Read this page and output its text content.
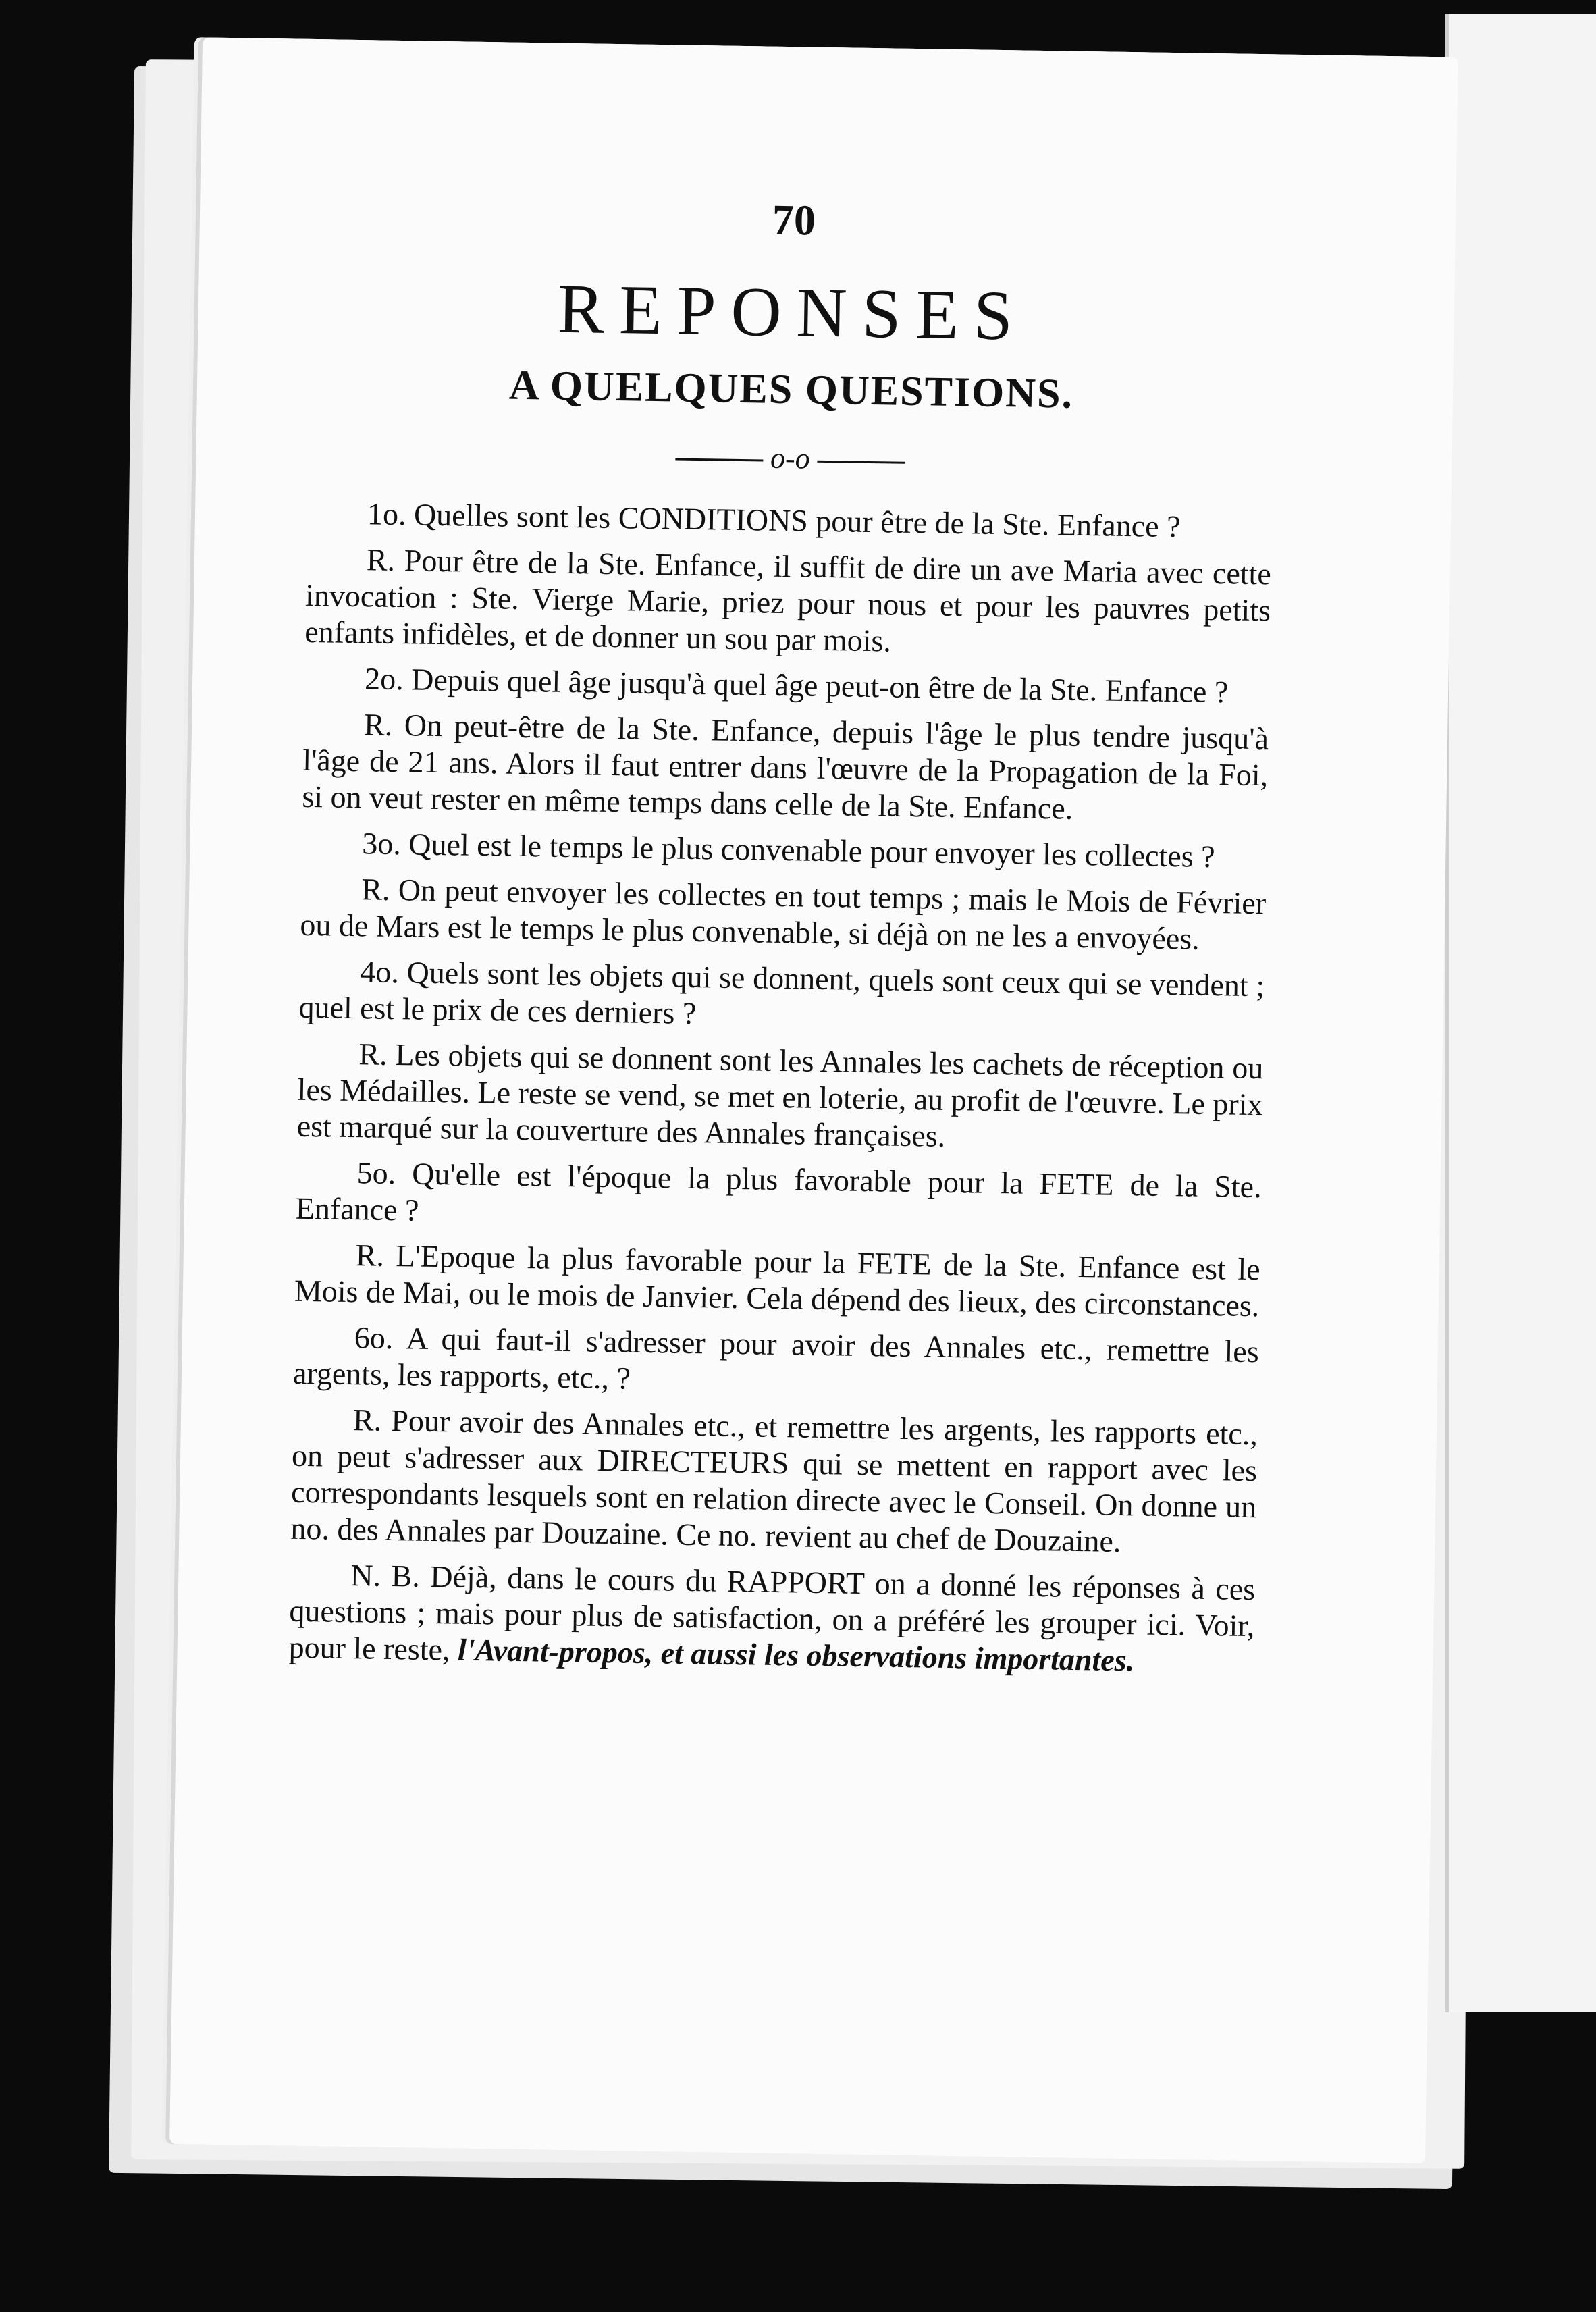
70
REPONSES
A QUELQUES QUESTIONS.
o-o

1o. Quelles sont les CONDITIONS pour être de la Ste. Enfance ?

R. Pour être de la Ste. Enfance, il suffit de dire un ave Maria avec cette invocation : Ste. Vierge Marie, priez pour nous et pour les pauvres petits enfants infidèles, et de donner un sou par mois.

2o. Depuis quel âge jusqu'à quel âge peut-on être de la Ste. Enfance ?

R. On peut-être de la Ste. Enfance, depuis l'âge le plus tendre jusqu'à l'âge de 21 ans. Alors il faut entrer dans l'œuvre de la Propagation de la Foi, si on veut rester en même temps dans celle de la Ste. Enfance.

3o. Quel est le temps le plus convenable pour envoyer les collectes ?

R. On peut envoyer les collectes en tout temps ; mais le Mois de Février ou de Mars est le temps le plus convenable, si déjà on ne les a envoyées.

4o. Quels sont les objets qui se donnent, quels sont ceux qui se vendent ; quel est le prix de ces derniers ?

R. Les objets qui se donnent sont les Annales les cachets de réception ou les Médailles. Le reste se vend, se met en loterie, au profit de l'œuvre. Le prix est marqué sur la couverture des Annales françaises.

5o. Qu'elle est l'époque la plus favorable pour la FETE de la Ste. Enfance ?

R. L'Epoque la plus favorable pour la FETE de la Ste. Enfance est le Mois de Mai, ou le mois de Janvier. Cela dépend des lieux, des circonstances.

6o. A qui faut-il s'adresser pour avoir des Annales etc., remettre les argents, les rapports, etc., ?

R. Pour avoir des Annales etc., et remettre les argents, les rapports etc., on peut s'adresser aux DIRECTEURS qui se mettent en rapport avec les correspondants lesquels sont en relation directe avec le Conseil. On donne un no. des Annales par Douzaine. Ce no. revient au chef de Douzaine.

N. B. Déjà, dans le cours du RAPPORT on a donné les réponses à ces questions ; mais pour plus de satisfaction, on a préféré les grouper ici. Voir, pour le reste, l'Avant-propos, et aussi les observations importantes.
